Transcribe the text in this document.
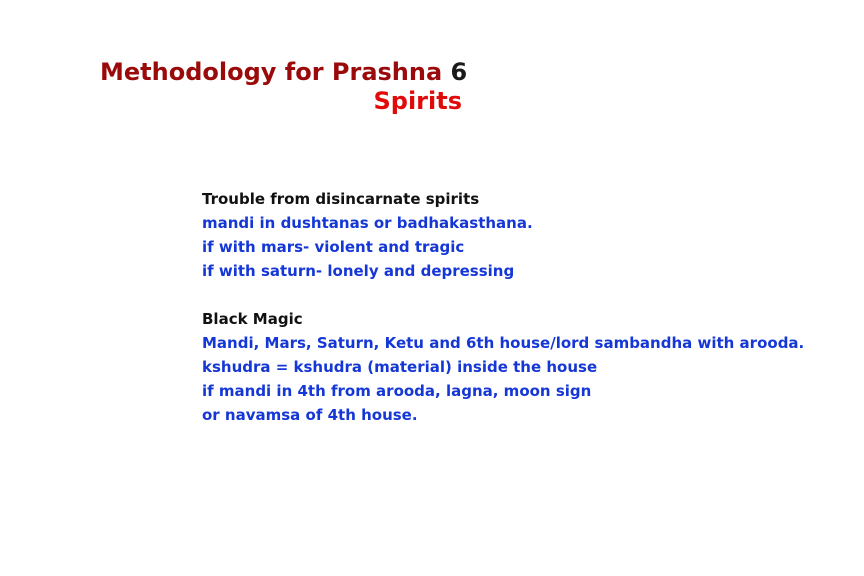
Methodology for Prashna 6
Spirits
Trouble from disincarnate spirits
mandi in dushtanas or badhakasthana.
if with mars- violent and tragic
if with saturn- lonely and depressing
Black Magic
Mandi, Mars, Saturn, Ketu and 6th house/lord sambandha with arooda.
kshudra = kshudra (material) inside the house
if mandi in 4th from arooda, lagna, moon sign
or navamsa of 4th house.
